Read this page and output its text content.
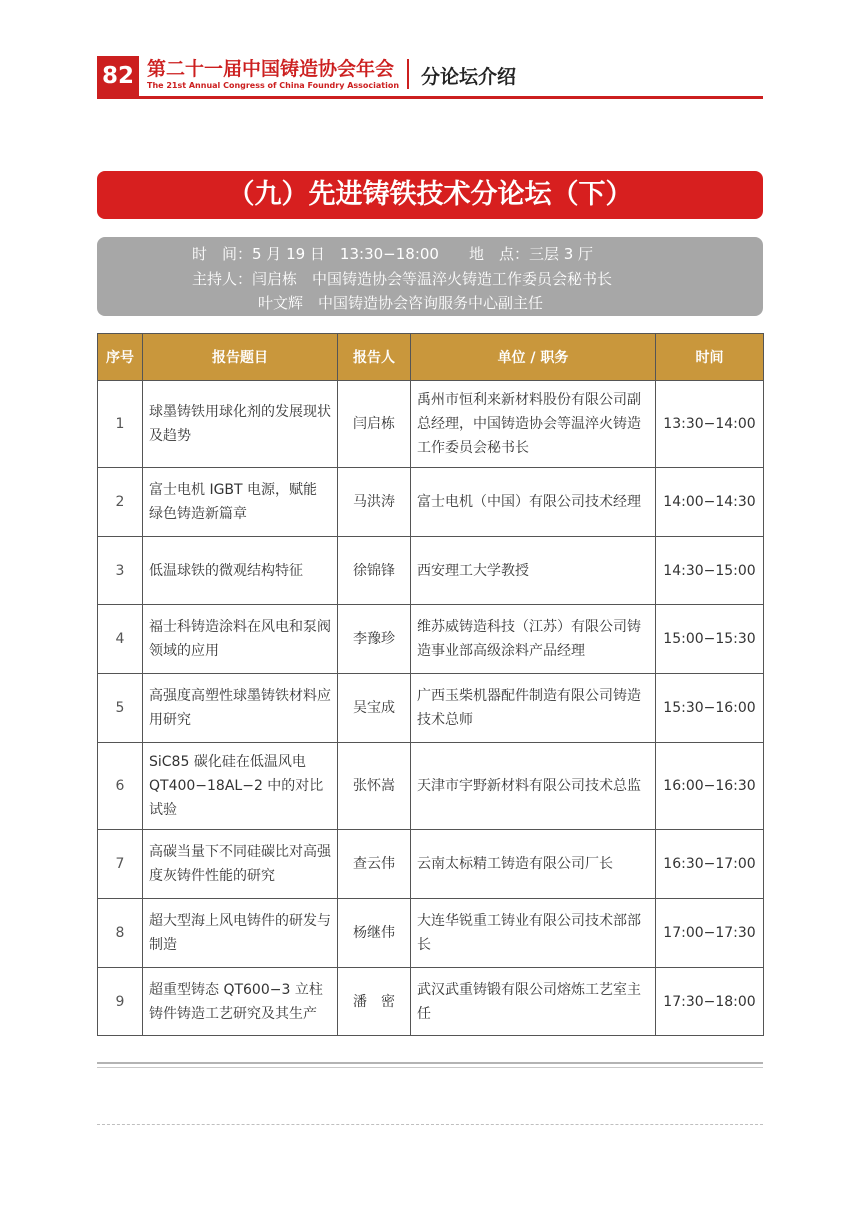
82 第二十一届中国铸造协会年会
The 21st Annual Congress of China Foundry Association 分论坛介绍
（九）先进铸铁技术分论坛（下）
时　间：5 月 19 日　13:30−18:00　　地　点：三层 3 厅
主持人：闫启栋　中国铸造协会等温淬火铸造工作委员会秘书长
叶文辉　中国铸造协会咨询服务中心副主任
序号	报告题目	报告人	单位 / 职务	时间
1	球墨铸铁用球化剂的发展现状及趋势	闫启栋	禹州市恒利来新材料股份有限公司副总经理，中国铸造协会等温淬火铸造工作委员会秘书长	13:30−14:00
2	富士电机 IGBT 电源，赋能绿色铸造新篇章	马洪涛	富士电机（中国）有限公司技术经理	14:00−14:30
3	低温球铁的微观结构特征	徐锦锋	西安理工大学教授	14:30−15:00
4	福士科铸造涂料在风电和泵阀领域的应用	李豫珍	维苏威铸造科技（江苏）有限公司铸造事业部高级涂料产品经理	15:00−15:30
5	高强度高塑性球墨铸铁材料应用研究	吴宝成	广西玉柴机器配件制造有限公司铸造技术总师	15:30−16:00
6	SiC85 碳化硅在低温风电 QT400−18AL−2 中的对比试验	张怀嵩	天津市宇野新材料有限公司技术总监	16:00−16:30
7	高碳当量下不同硅碳比对高强度灰铸件性能的研究	查云伟	云南太标精工铸造有限公司厂长	16:30−17:00
8	超大型海上风电铸件的研发与制造	杨继伟	大连华锐重工铸业有限公司技术部部长	17:00−17:30
9	超重型铸态 QT600−3 立柱铸件铸造工艺研究及其生产	潘　密	武汉武重铸锻有限公司熔炼工艺室主任	17:30−18:00
